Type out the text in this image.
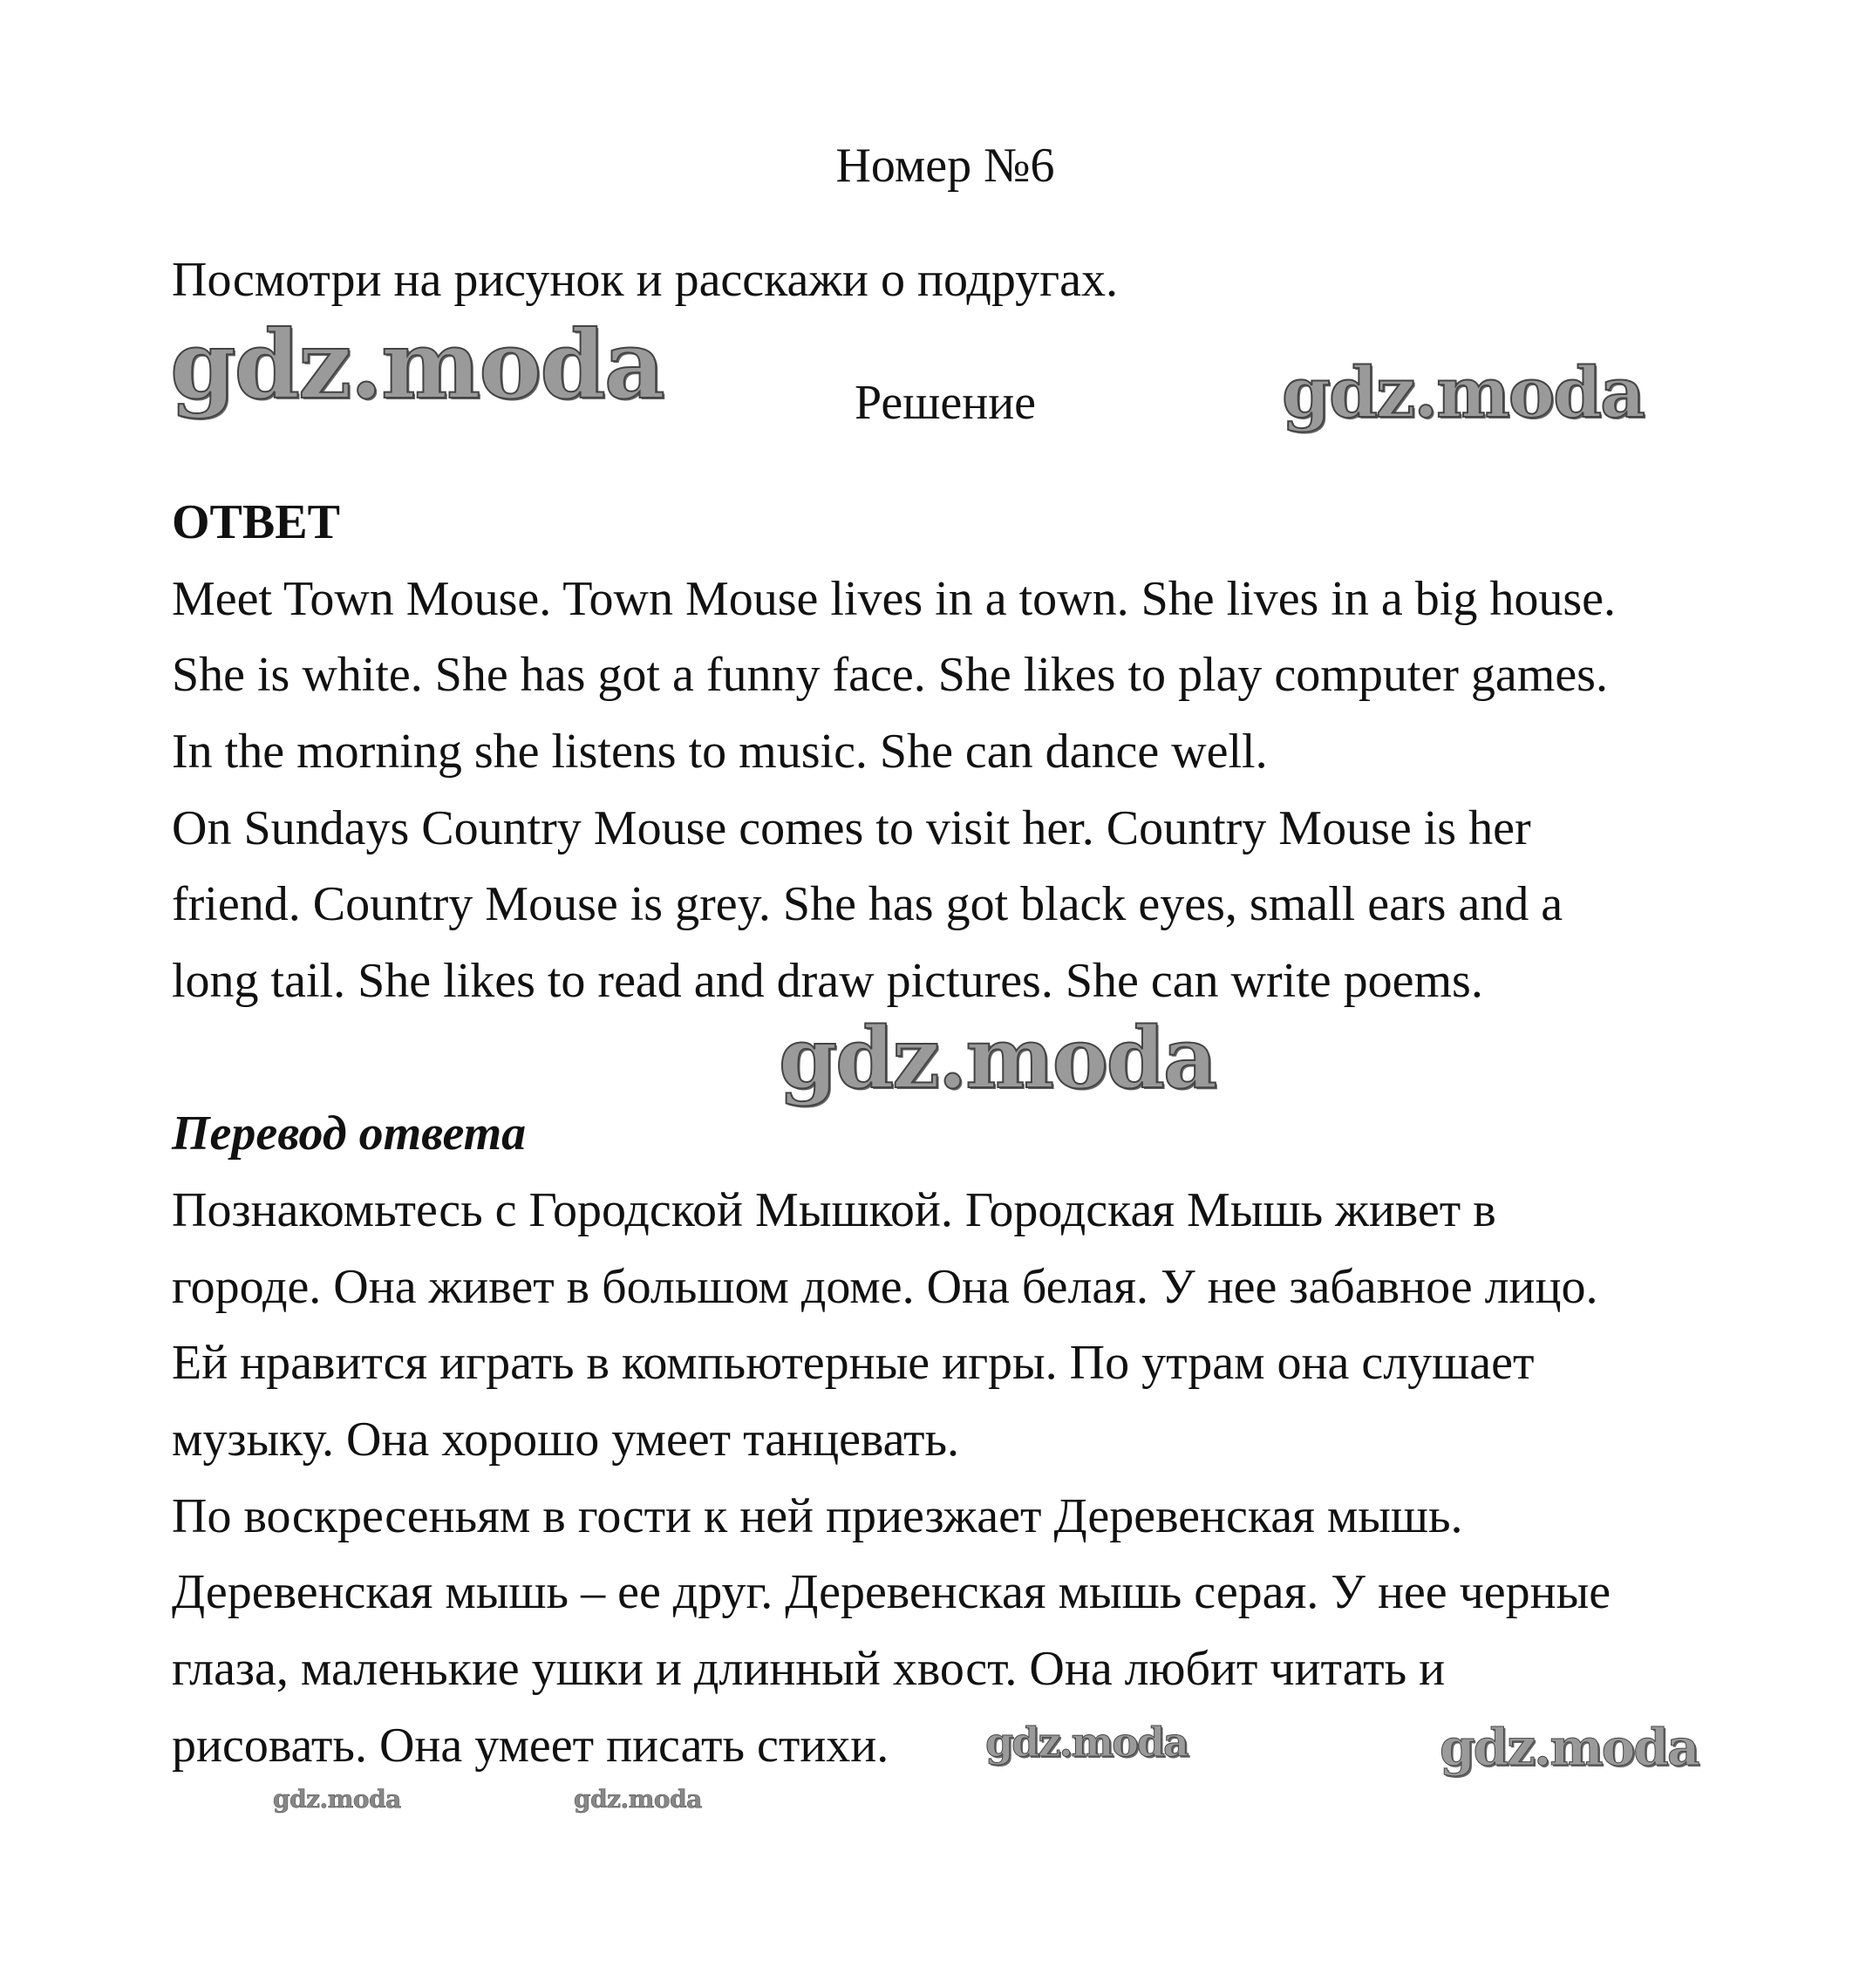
Номер №6
Посмотри на рисунок и расскажи о подругах.
Решение
ОТВЕТ
Meet Town Mouse. Town Mouse lives in a town. She lives in a big house.
She is white. She has got a funny face. She likes to play computer games.
In the morning she listens to music. She can dance well.
On Sundays Country Mouse comes to visit her. Country Mouse is her
friend. Country Mouse is grey. She has got black eyes, small ears and a
long tail. She likes to read and draw pictures. She can write poems.
Перевод ответа
Познакомьтесь с Городской Мышкой. Городская Мышь живет в
городе. Она живет в большом доме. Она белая. У нее забавное лицо.
Ей нравится играть в компьютерные игры. По утрам она слушает
музыку. Она хорошо умеет танцевать.
По воскресеньям в гости к ней приезжает Деревенская мышь.
Деревенская мышь – ее друг. Деревенская мышь серая. У нее черные
глаза, маленькие ушки и длинный хвост. Она любит читать и
рисовать. Она умеет писать стихи.
gdz.moda	gdz.moda
gdz.moda
gdz.moda	gdz.moda
gdz.moda	gdz.moda
